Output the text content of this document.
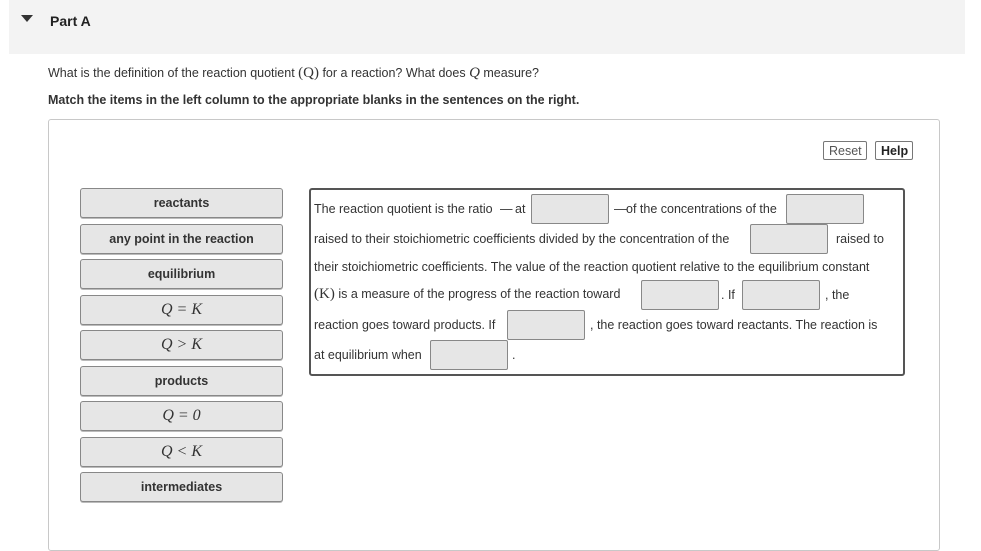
Part A
What is the definition of the reaction quotient (Q) for a reaction? What does Q measure?
Match the items in the left column to the appropriate blanks in the sentences on the right.
Reset	Help
reactants
any point in the reaction
equilibrium
Q = K
Q > K
products
Q = 0
Q < K
intermediates
The reaction quotient is the ratio — at	— of the concentrations of the
raised to their stoichiometric coefficients divided by the concentration of the	raised to
their stoichiometric coefficients. The value of the reaction quotient relative to the equilibrium constant
(K) is a measure of the progress of the reaction toward	. If	, the
reaction goes toward products. If	, the reaction goes toward reactants. The reaction is
at equilibrium when	.
